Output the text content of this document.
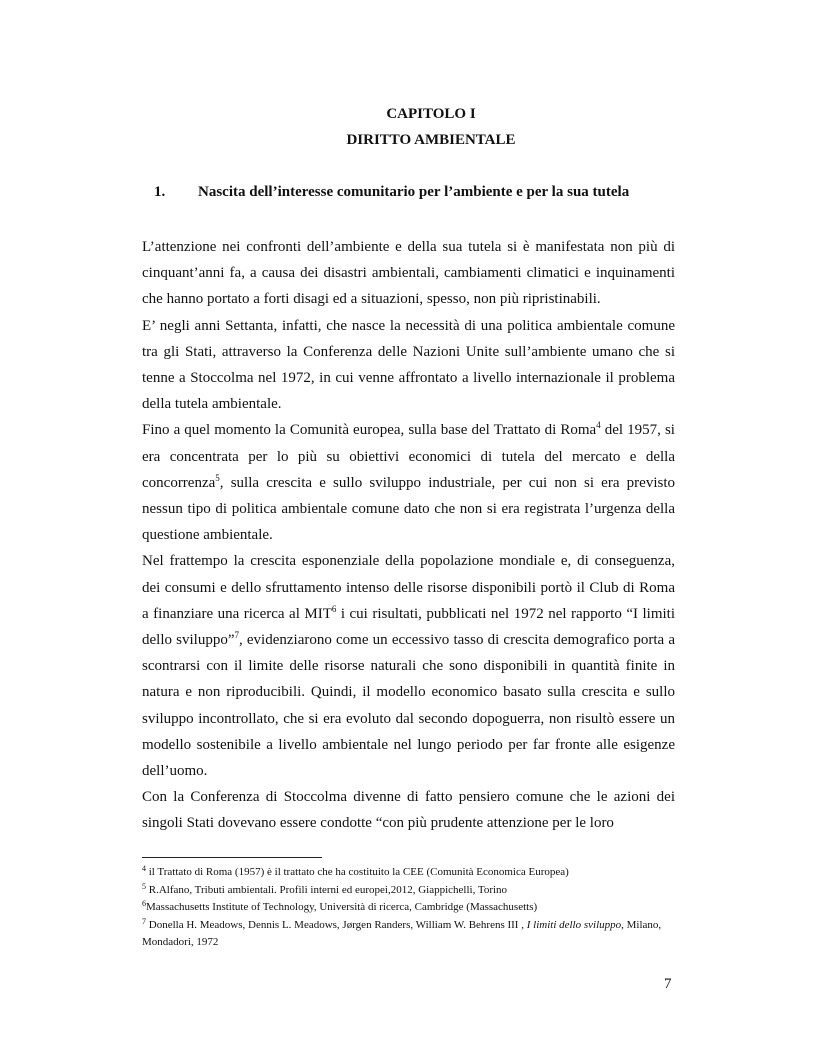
CAPITOLO I
DIRITTO AMBIENTALE
1. Nascita dell’interesse comunitario per l’ambiente e per la sua tutela

L’attenzione nei confronti dell’ambiente e della sua tutela si è manifestata non più di cinquant’anni fa, a causa dei disastri ambientali, cambiamenti climatici e inquinamenti che hanno portato a forti disagi ed a situazioni, spesso, non più ripristinabili.

E’ negli anni Settanta, infatti, che nasce la necessità di una politica ambientale comune tra gli Stati, attraverso la Conferenza delle Nazioni Unite sull’ambiente umano che si tenne a Stoccolma nel 1972, in cui venne affrontato a livello internazionale il problema della tutela ambientale.

Fino a quel momento la Comunità europea, sulla base del Trattato di Roma$^4$ del 1957, si era concentrata per lo più su obiettivi economici di tutela del mercato e della concorrenza$^5$, sulla crescita e sullo sviluppo industriale, per cui non si era previsto nessun tipo di politica ambientale comune dato che non si era registrata l’urgenza della questione ambientale.

Nel frattempo la crescita esponenziale della popolazione mondiale e, di conseguenza, dei consumi e dello sfruttamento intenso delle risorse disponibili portò il Club di Roma a finanziare una ricerca al MIT$^6$ i cui risultati, pubblicati nel 1972 nel rapporto “I limiti dello sviluppo”$^7$, evidenziarono come un eccessivo tasso di crescita demografico porta a scontrarsi con il limite delle risorse naturali che sono disponibili in quantità finite in natura e non riproducibili. Quindi, il modello economico basato sulla crescita e sullo sviluppo incontrollato, che si era evoluto dal secondo dopoguerra, non risultò essere un modello sostenibile a livello ambientale nel lungo periodo per far fronte alle esigenze dell’uomo.

Con la Conferenza di Stoccolma divenne di fatto pensiero comune che le azioni dei singoli Stati dovevano essere condotte “con più prudente attenzione per le loro

$^4$ il Trattato di Roma (1957) è il trattato che ha costituito la CEE (Comunità Economica Europea)

$^5$ R.Alfano, Tributi ambientali. Profili interni ed europei,2012, Giappichelli, Torino

$^6$Massachusetts Institute of Technology, Università di ricerca, Cambridge (Massachusetts)

$^7$ Donella H. Meadows, Dennis L. Meadows, Jørgen Randers, William W. Behrens III , I limiti dello sviluppo, Milano, Mondadori, 1972

7
